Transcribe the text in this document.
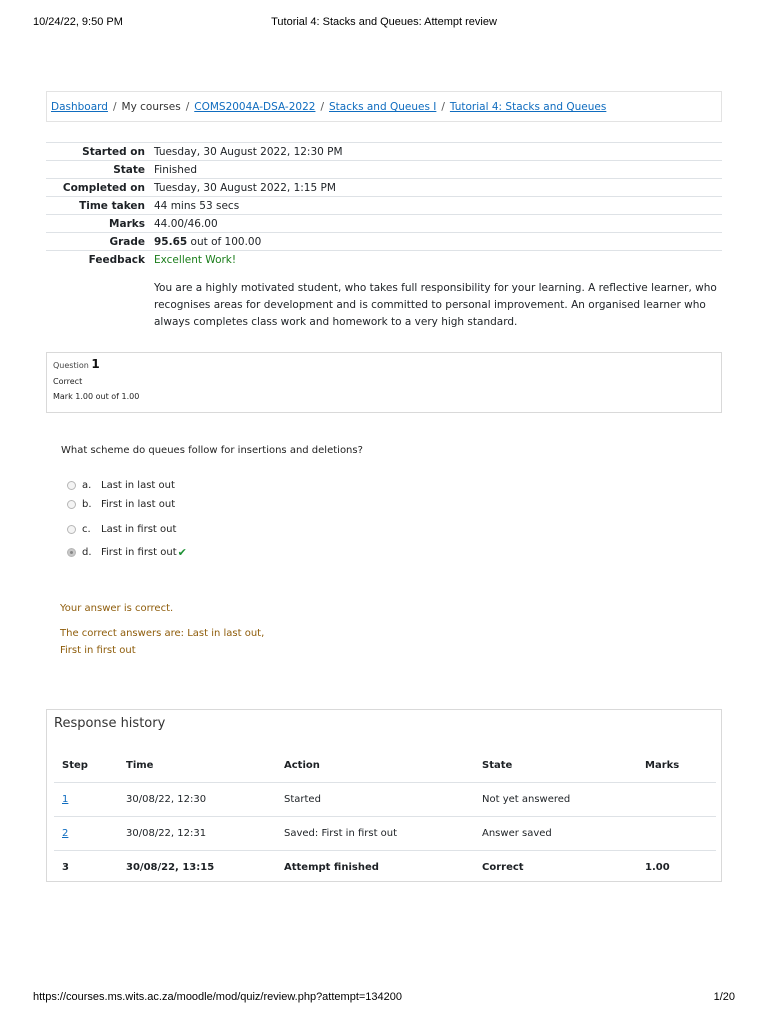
10/24/22, 9:50 PM	Tutorial 4: Stacks and Queues: Attempt review
Dashboard / My courses / COMS2004A-DSA-2022 / Stacks and Queues I / Tutorial 4: Stacks and Queues
Started on	Tuesday, 30 August 2022, 12:30 PM
State	Finished
Completed on	Tuesday, 30 August 2022, 1:15 PM
Time taken	44 mins 53 secs
Marks	44.00/46.00
Grade	95.65 out of 100.00
Feedback	Excellent Work!
	You are a highly motivated student, who takes full responsibility for your learning. A reflective learner, who recognises areas for development and is committed to personal improvement. An organised learner who always completes class work and homework to a very high standard.
Question 1
Correct
Mark 1.00 out of 1.00
What scheme do queues follow for insertions and deletions?
a. Last in last out
b. First in last out
c.	Last in first out
d. First in first out ✔
Your answer is correct.
The correct answers are: Last in last out,
First in first out
Response history
Step	Time	Action	State	Marks
1	30/08/22, 12:30	Started	Not yet answered	
2	30/08/22, 12:31	Saved: First in first out	Answer saved	
3	30/08/22, 13:15	Attempt finished	Correct	1.00
https://courses.ms.wits.ac.za/moodle/mod/quiz/review.php?attempt=134200	1/20
